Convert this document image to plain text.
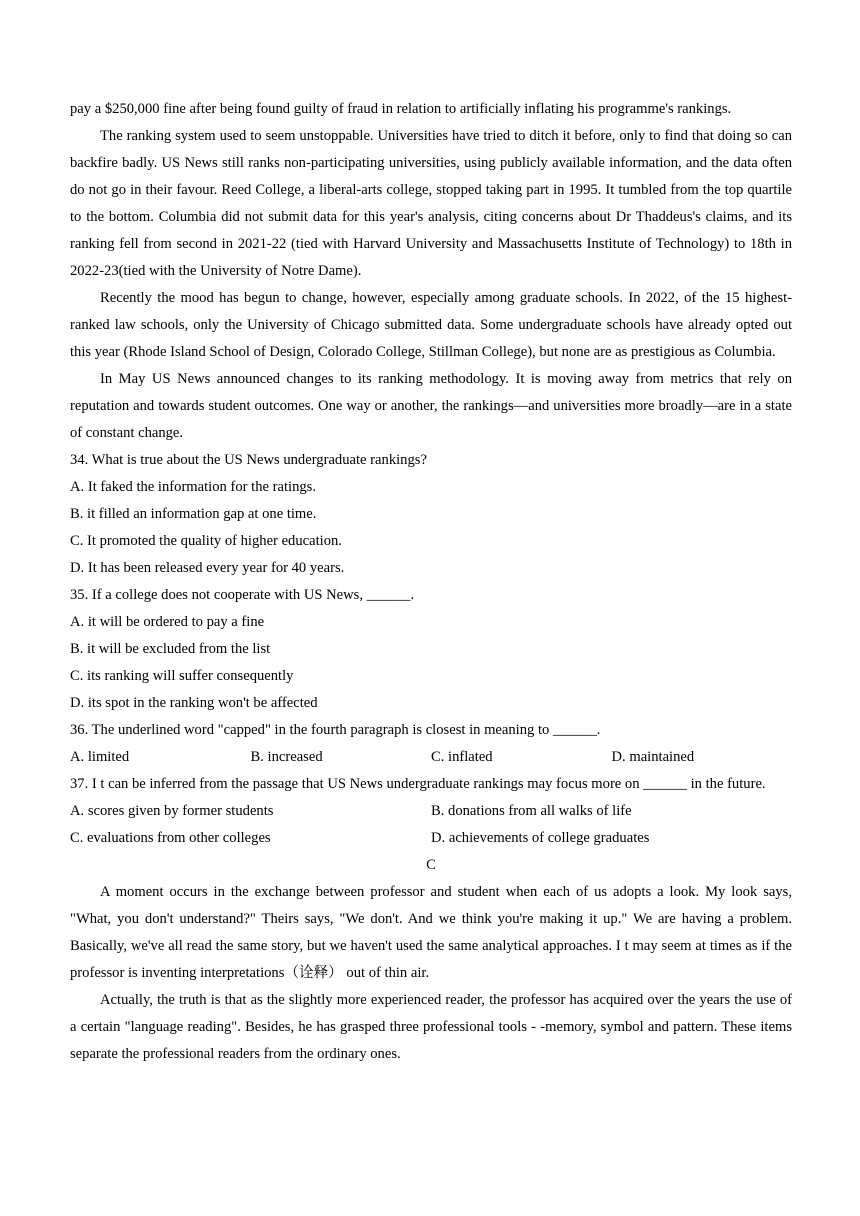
pay a $250,000 fine after being found guilty of fraud in relation to artificially inflating his programme's rankings.

The ranking system used to seem unstoppable. Universities have tried to ditch it before, only to find that doing so can backfire badly. US News still ranks non-participating universities, using publicly available information, and the data often do not go in their favour. Reed College, a liberal-arts college, stopped taking part in 1995. It tumbled from the top quartile to the bottom. Columbia did not submit data for this year's analysis, citing concerns about Dr Thaddeus's claims, and its ranking fell from second in 2021-22 (tied with Harvard University and Massachusetts Institute of Technology) to 18th in 2022-23(tied with the University of Notre Dame).

Recently the mood has begun to change, however, especially among graduate schools. In 2022, of the 15 highest-ranked law schools, only the University of Chicago submitted data. Some undergraduate schools have already opted out this year (Rhode Island School of Design, Colorado College, Stillman College), but none are as prestigious as Columbia.

In May US News announced changes to its ranking methodology. It is moving away from metrics that rely on reputation and towards student outcomes. One way or another, the rankings—and universities more broadly—are in a state of constant change.

34. What is true about the US News undergraduate rankings?
A. It faked the information for the ratings.
B. it filled an information gap at one time.
C. It promoted the quality of higher education.
D. It has been released every year for 40 years.
35. If a college does not cooperate with US News, ______.
A. it will be ordered to pay a fine
B. it will be excluded from the list
C. its ranking will suffer consequently
D. its spot in the ranking won't be affected
36. The underlined word "capped" in the fourth paragraph is closest in meaning to ______.
A. limited	B. increased	C. inflated	D. maintained
37. I t can be inferred from the passage that US News undergraduate rankings may focus more on ______ in the future.
A. scores given by former students	B. donations from all walks of life
C. evaluations from other colleges	D. achievements of college graduates
C

A moment occurs in the exchange between professor and student when each of us adopts a look. My look says, "What, you don't understand?" Theirs says, "We don't. And we think you're making it up." We are having a problem. Basically, we've all read the same story, but we haven't used the same analytical approaches. I t may seem at times as if the professor is inventing interpretations（诠释） out of thin air.

Actually, the truth is that as the slightly more experienced reader, the professor has acquired over the years the use of a certain "language reading". Besides, he has grasped three professional tools - -memory, symbol and pattern. These items separate the professional readers from the ordinary ones.
